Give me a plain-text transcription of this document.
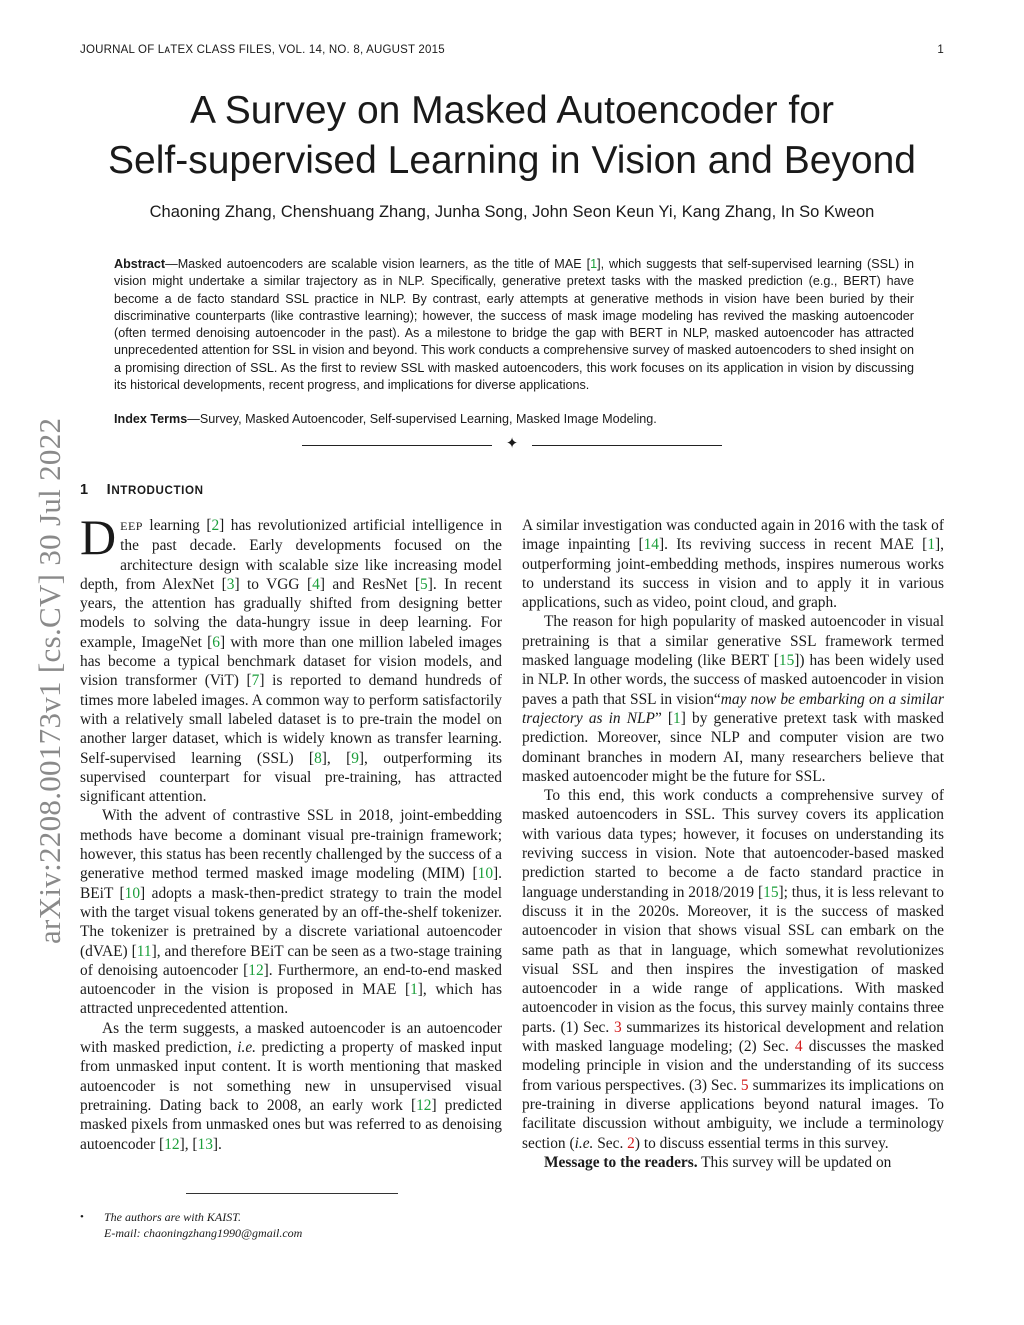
JOURNAL OF LᴀTEX CLASS FILES, VOL. 14, NO. 8, AUGUST 2015	1
A Survey on Masked Autoencoder for
Self-supervised Learning in Vision and Beyond
Chaoning Zhang, Chenshuang Zhang, Junha Song, John Seon Keun Yi, Kang Zhang, In So Kweon
Abstract—Masked autoencoders are scalable vision learners, as the title of MAE [1], which suggests that self-supervised learning (SSL) in vision might undertake a similar trajectory as in NLP. Specifically, generative pretext tasks with the masked prediction (e.g., BERT) have become a de facto standard SSL practice in NLP. By contrast, early attempts at generative methods in vision have been buried by their discriminative counterparts (like contrastive learning); however, the success of mask image modeling has revived the masking autoencoder (often termed denoising autoencoder in the past). As a milestone to bridge the gap with BERT in NLP, masked autoencoder has attracted unprecedented attention for SSL in vision and beyond. This work conducts a comprehensive survey of masked autoencoders to shed insight on a promising direction of SSL. As the first to review SSL with masked autoencoders, this work focuses on its application in vision by discussing its historical developments, recent progress, and implications for diverse applications.
Index Terms—Survey, Masked Autoencoder, Self-supervised Learning, Masked Image Modeling.
✦
arXiv:2208.00173v1 [cs.CV] 30 Jul 2022 1 INTRODUCTION

DEEP learning [2] has revolutionized artificial intelligence in the past decade. Early developments focused on the architecture design with scalable size like increasing model depth, from AlexNet [3] to VGG [4] and ResNet [5]. In recent years, the attention has gradually shifted from designing better models to solving the data-hungry issue in deep learning. For example, ImageNet [6] with more than one million labeled images has become a typical benchmark dataset for vision models, and vision transformer (ViT) [7] is reported to demand hundreds of times more labeled images. A common way to perform satisfactorily with a relatively small labeled dataset is to pre-train the model on another larger dataset, which is widely known as transfer learning. Self-supervised learning (SSL) [8], [9], outperforming its supervised counterpart for visual pre-training, has attracted significant attention.

With the advent of contrastive SSL in 2018, joint-embedding methods have become a dominant visual pre-trainign framework; however, this status has been recently challenged by the success of a generative method termed masked image modeling (MIM) [10]. BEiT [10] adopts a mask-then-predict strategy to train the model with the target visual tokens generated by an off-the-shelf tokenizer. The tokenizer is pretrained by a discrete variational autoencoder (dVAE) [11], and therefore BEiT can be seen as a two-stage training of denoising autoencoder [12]. Furthermore, an end-to-end masked autoencoder in the vision is proposed in MAE [1], which has attracted unprecedented attention.

As the term suggests, a masked autoencoder is an autoencoder with masked prediction, i.e. predicting a property of masked input from unmasked input content. It is worth mentioning that masked autoencoder is not something new in unsupervised visual pretraining. Dating back to 2008, an early work [12] predicted masked pixels from unmasked ones but was referred to as denoising autoencoder [12], [13].

• The authors are with KAIST.
E-mail: chaoningzhang1990@gmail.com

A similar investigation was conducted again in 2016 with the task of image inpainting [14]. Its reviving success in recent MAE [1], outperforming joint-embedding methods, inspires numerous works to understand its success in vision and to apply it in various applications, such as video, point cloud, and graph.

The reason for high popularity of masked autoencoder in visual pretraining is that a similar generative SSL framework termed masked language modeling (like BERT [15]) has been widely used in NLP. In other words, the success of masked autoencoder in vision paves a path that SSL in vision“may now be embarking on a similar trajectory as in NLP” [1] by generative pretext task with masked prediction. Moreover, since NLP and computer vision are two dominant branches in modern AI, many researchers believe that masked autoencoder might be the future for SSL.

To this end, this work conducts a comprehensive survey of masked autoencoders in SSL. This survey covers its application with various data types; however, it focuses on understanding its reviving success in vision. Note that autoencoder-based masked prediction started to become a de facto standard practice in language understanding in 2018/2019 [15]; thus, it is less relevant to discuss it in the 2020s. Moreover, it is the success of masked autoencoder in vision that shows visual SSL can embark on the same path as that in language, which somewhat revolutionizes visual SSL and then inspires the investigation of masked autoencoder in a wide range of applications. With masked autoencoder in vision as the focus, this survey mainly contains three parts. (1) Sec. 3 summarizes its historical development and relation with masked language modeling; (2) Sec. 4 discusses the masked modeling principle in vision and the understanding of its success from various perspectives. (3) Sec. 5 summarizes its implications on pre-training in diverse applications beyond natural images. To facilitate discussion without ambiguity, we include a terminology section (i.e. Sec. 2) to discuss essential terms in this survey.

Message to the readers. This survey will be updated on
